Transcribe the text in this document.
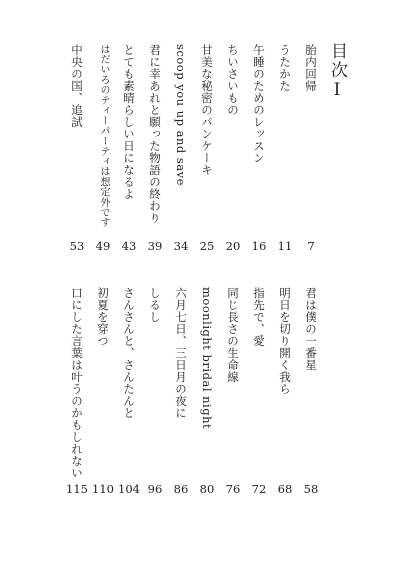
目次Ⅰ
胎内回帰
7
うたかた
11
午睡のためのレッスン
16
ちいさいもの
20
甘美な秘密のパンケーキ
25
scoop you up and save
34
君に幸あれと願った物語の終わり
39
とても素晴らしい日になるよ
43
はだいろのティーパーティは想定外です
49
中央の国、追試
53
君は僕の一番星
58
明日を切り開く我ら
68
指先で、愛
72
同じ長さの生命線
76
moonlight bridal night
80
六月七日、三日月の夜に
86
しるし
96
さんさんと、さんたんと
104
初夏を穿つ
110
口にした言葉は叶うのかもしれない
115
